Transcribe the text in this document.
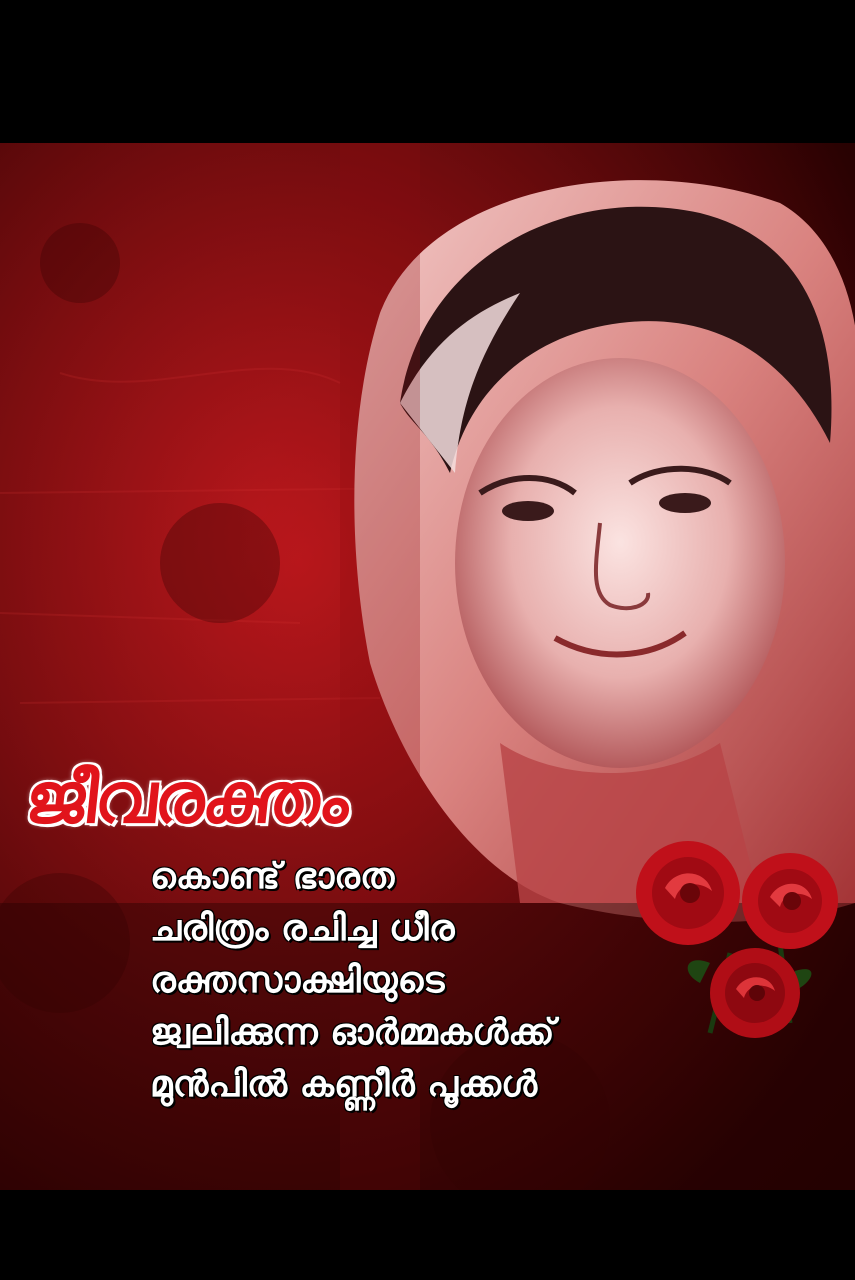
ജീവരക്തം
കൊണ്ട് ഭാരത
ചരിത്രം രചിച്ച ധീര
രക്തസാക്ഷിയുടെ
ജ്വലിക്കുന്ന ഓർമ്മകൾക്ക്
മുൻപിൽ കണ്ണീർ പൂക്കൾ
